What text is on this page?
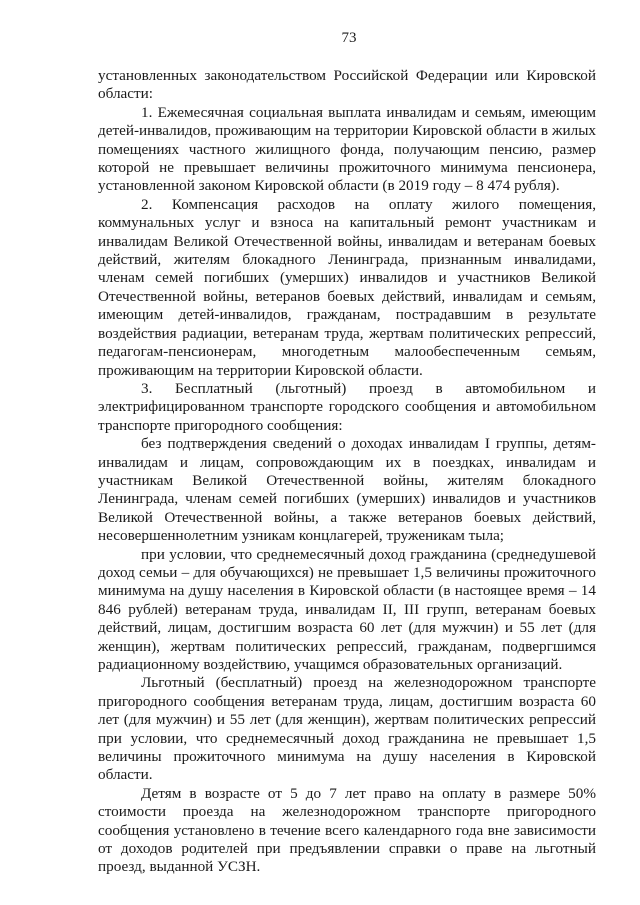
73

установленных законодательством Российской Федерации или Кировской области:

1. Ежемесячная социальная выплата инвалидам и семьям, имеющим детей-инвалидов, проживающим на территории Кировской области в жилых помещениях частного жилищного фонда, получающим пенсию, размер которой не превышает величины прожиточного минимума пенсионера, установленной законом Кировской области (в 2019 году – 8 474 рубля).

2. Компенсация расходов на оплату жилого помещения, коммунальных услуг и взноса на капитальный ремонт участникам и инвалидам Великой Отечественной войны, инвалидам и ветеранам боевых действий, жителям блокадного Ленинграда, признанным инвалидами, членам семей погибших (умерших) инвалидов и участников Великой Отечественной войны, ветеранов боевых действий, инвалидам и семьям, имеющим детей-инвалидов, гражданам, пострадавшим в результате воздействия радиации, ветеранам труда, жертвам политических репрессий, педагогам-пенсионерам, многодетным малообеспеченным семьям, проживающим на территории Кировской области.

3. Бесплатный (льготный) проезд в автомобильном и электрифицированном транспорте городского сообщения и автомобильном транспорте пригородного сообщения:

без подтверждения сведений о доходах инвалидам I группы, детям-инвалидам и лицам, сопровождающим их в поездках, инвалидам и участникам Великой Отечественной войны, жителям блокадного Ленинграда, членам семей погибших (умерших) инвалидов и участников Великой Отечественной войны, а также ветеранов боевых действий, несовершеннолетним узникам концлагерей, труженикам тыла;

при условии, что среднемесячный доход гражданина (среднедушевой доход семьи – для обучающихся) не превышает 1,5 величины прожиточного минимума на душу населения в Кировской области (в настоящее время – 14 846 рублей) ветеранам труда, инвалидам II, III групп, ветеранам боевых действий, лицам, достигшим возраста 60 лет (для мужчин) и 55 лет (для женщин), жертвам политических репрессий, гражданам, подвергшимся радиационному воздействию, учащимся образовательных организаций.

Льготный (бесплатный) проезд на железнодорожном транспорте пригородного сообщения ветеранам труда, лицам, достигшим возраста 60 лет (для мужчин) и 55 лет (для женщин), жертвам политических репрессий при условии, что среднемесячный доход гражданина не превышает 1,5 величины прожиточного минимума на душу населения в Кировской области.

Детям в возрасте от 5 до 7 лет право на оплату в размере 50% стоимости проезда на железнодорожном транспорте пригородного сообщения установлено в течение всего календарного года вне зависимости от доходов родителей при предъявлении справки о праве на льготный проезд, выданной УСЗН.
